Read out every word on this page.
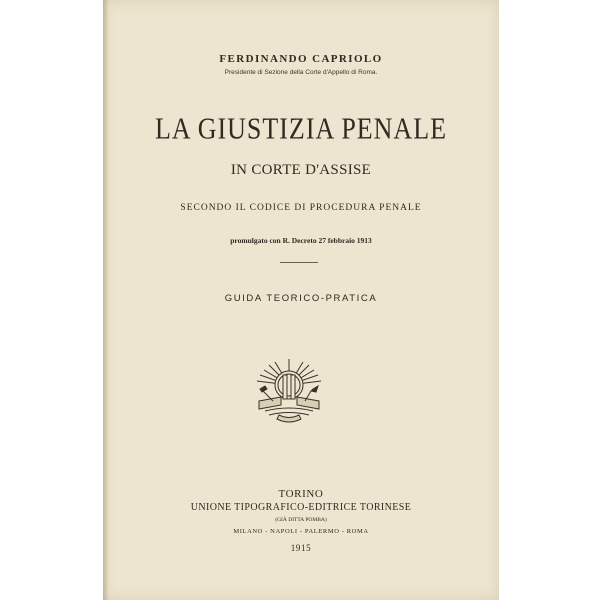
FERDINANDO CAPRIOLO
Presidente di Sezione della Corte d'Appello di Roma.
LA GIUSTIZIA PENALE
IN CORTE D'ASSISE
SECONDO IL CODICE DI PROCEDURA PENALE
promulgato con R. Decreto 27 febbraio 1913
GUIDA TEORICO-PRATICA
TORINO
UNIONE TIPOGRAFICO-EDITRICE TORINESE
(GIÀ DITTA POMBA)
MILANO - NAPOLI - PALERMO - ROMA
1915
